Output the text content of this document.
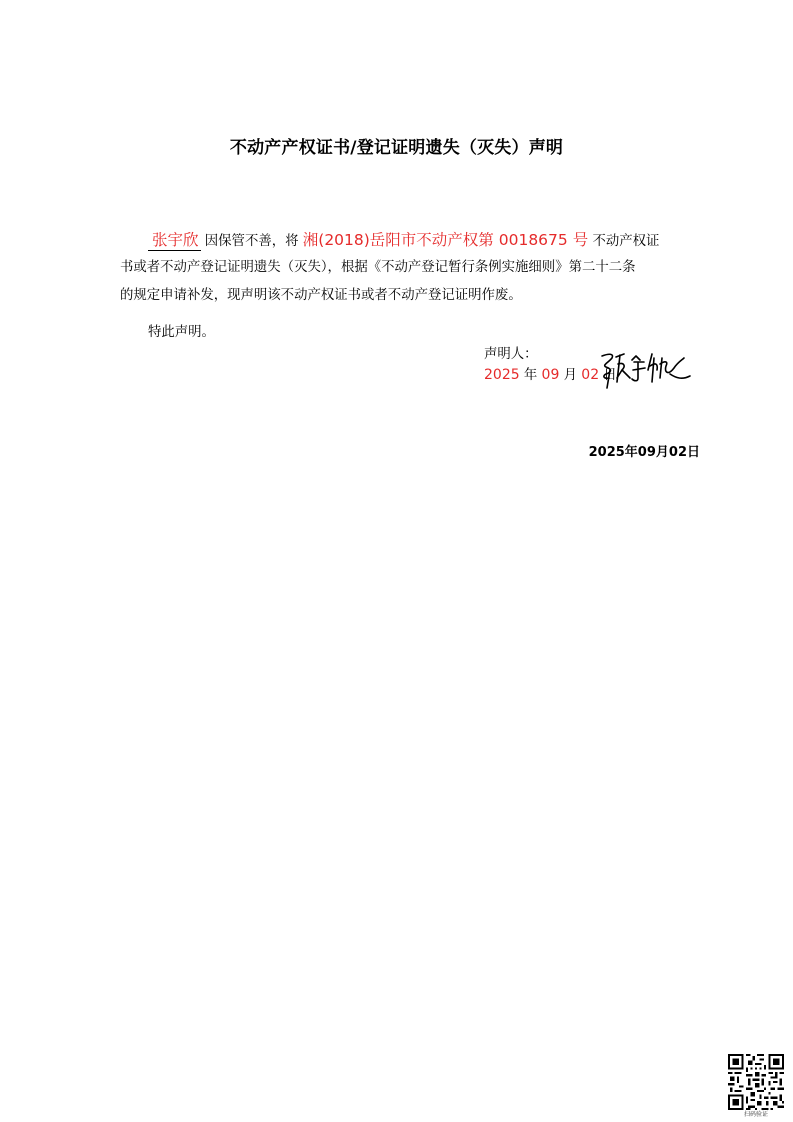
不动产产权证书/登记证明遗失（灭失）声明
张宇欣 因保管不善，将 湘(2018)岳阳市不动产权第 0018675 号 不动产权证
书或者不动产登记证明遗失（灭失），根据《不动产登记暂行条例实施细则》第二十二条
的规定申请补发，现声明该不动产权证书或者不动产登记证明作废。
特此声明。
声明人：
2025 年 09 月 02 日
2025年09月02日
扫码验证
